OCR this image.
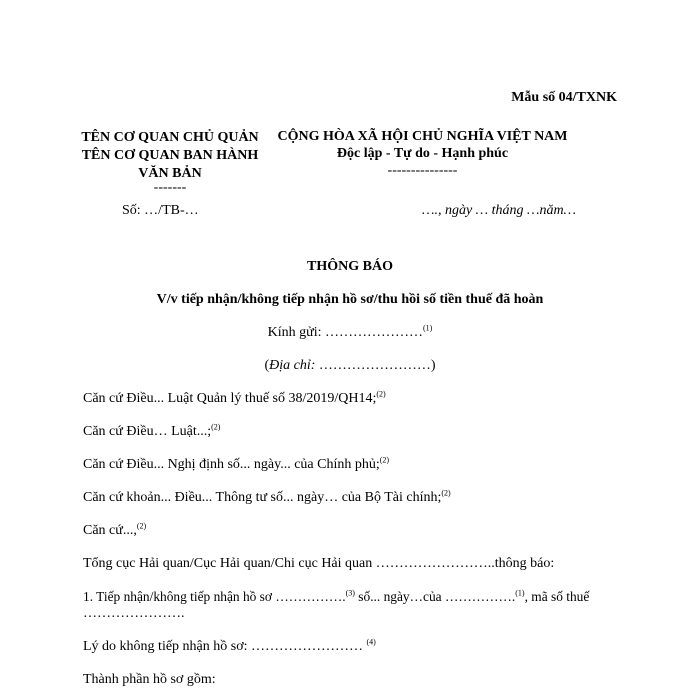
Mẫu số 04/TXNK
TÊN CƠ QUAN CHỦ QUẢN
TÊN CƠ QUAN BAN HÀNH
VĂN BẢN
-------
Số: …/TB-…
CỘNG HÒA XÃ HỘI CHỦ NGHĨA VIỆT NAM
Độc lập - Tự do - Hạnh phúc
---------------
…., ngày … tháng …năm…
THÔNG BÁO
V/v tiếp nhận/không tiếp nhận hồ sơ/thu hồi số tiền thuế đã hoàn
Kính gửi: …………………$^{(1)}$
(Địa chỉ: ……………………)
Căn cứ Điều... Luật Quản lý thuế số 38/2019/QH14;$^{(2)}$
Căn cứ Điều… Luật...;$^{(2)}$
Căn cứ Điều... Nghị định số... ngày... của Chính phủ;$^{(2)}$
Căn cứ khoản... Điều... Thông tư số... ngày… của Bộ Tài chính;$^{(2)}$
Căn cứ...,$^{(2)}$
Tổng cục Hải quan/Cục Hải quan/Chi cục Hải quan ……………………..thông báo:
1. Tiếp nhận/không tiếp nhận hồ sơ …………….$^{(3)}$ số... ngày…của …………….$^{(1)}$, mã số thuế
………………….
Lý do không tiếp nhận hồ sơ: …………………… $^{(4)}$
Thành phần hồ sơ gồm:
